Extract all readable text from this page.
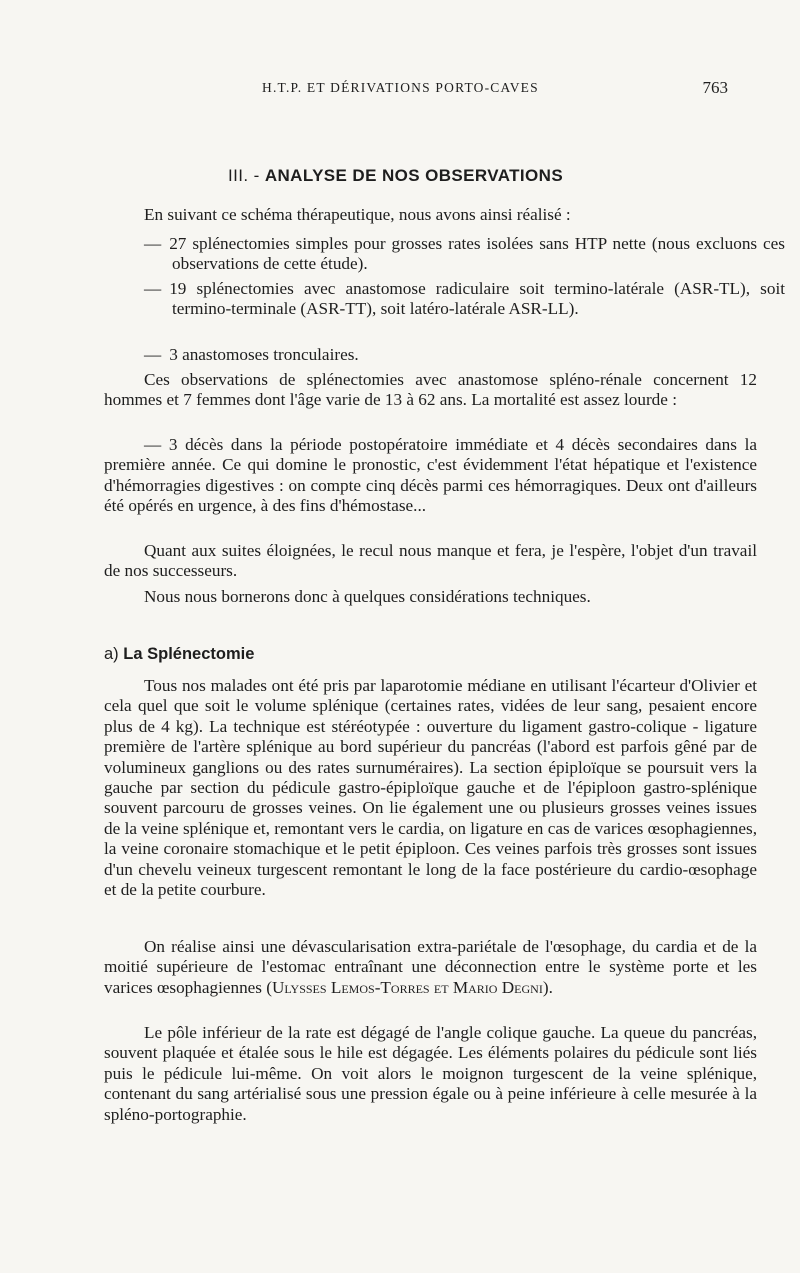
H.T.P. ET DÉRIVATIONS PORTO-CAVES	763
III. - ANALYSE DE NOS OBSERVATIONS

En suivant ce schéma thérapeutique, nous avons ainsi réalisé :

— 27 splénectomies simples pour grosses rates isolées sans HTP nette (nous excluons ces observations de cette étude).

— 19 splénectomies avec anastomose radiculaire soit termino-latérale (ASR-TL), soit termino-terminale (ASR-TT), soit latéro-latérale ASR-LL).

— 3 anastomoses tronculaires.

Ces observations de splénectomies avec anastomose spléno-rénale concernent 12 hommes et 7 femmes dont l'âge varie de 13 à 62 ans. La mortalité est assez lourde :

— 3 décès dans la période postopératoire immédiate et 4 décès secondaires dans la première année. Ce qui domine le pronostic, c'est évidemment l'état hépatique et l'existence d'hémorragies digestives : on compte cinq décès parmi ces hémorragiques. Deux ont d'ailleurs été opérés en urgence, à des fins d'hémostase...

Quant aux suites éloignées, le recul nous manque et fera, je l'espère, l'objet d'un travail de nos successeurs.

Nous nous bornerons donc à quelques considérations techniques.

a) La Splénectomie

Tous nos malades ont été pris par laparotomie médiane en utilisant l'écarteur d'Olivier et cela quel que soit le volume splénique (certaines rates, vidées de leur sang, pesaient encore plus de 4 kg). La technique est stéréotypée : ouverture du ligament gastro-colique - ligature première de l'artère splénique au bord supérieur du pancréas (l'abord est parfois gêné par de volumineux ganglions ou des rates surnuméraires). La section épiploïque se poursuit vers la gauche par section du pédicule gastro-épiploïque gauche et de l'épiploon gastro-splénique souvent parcouru de grosses veines. On lie également une ou plusieurs grosses veines issues de la veine splénique et, remontant vers le cardia, on ligature en cas de varices œsophagiennes, la veine coronaire stomachique et le petit épiploon. Ces veines parfois très grosses sont issues d'un chevelu veineux turgescent remontant le long de la face postérieure du cardio-œsophage et de la petite courbure.

On réalise ainsi une dévascularisation extra-pariétale de l'œsophage, du cardia et de la moitié supérieure de l'estomac entraînant une déconnection entre le système porte et les varices œsophagiennes (Ulysses Lemos-Torres et Mario Degni).

Le pôle inférieur de la rate est dégagé de l'angle colique gauche. La queue du pancréas, souvent plaquée et étalée sous le hile est dégagée. Les éléments polaires du pédicule sont liés puis le pédicule lui-même. On voit alors le moignon turgescent de la veine splénique, contenant du sang artérialisé sous une pression égale ou à peine inférieure à celle mesurée à la spléno-portographie.
